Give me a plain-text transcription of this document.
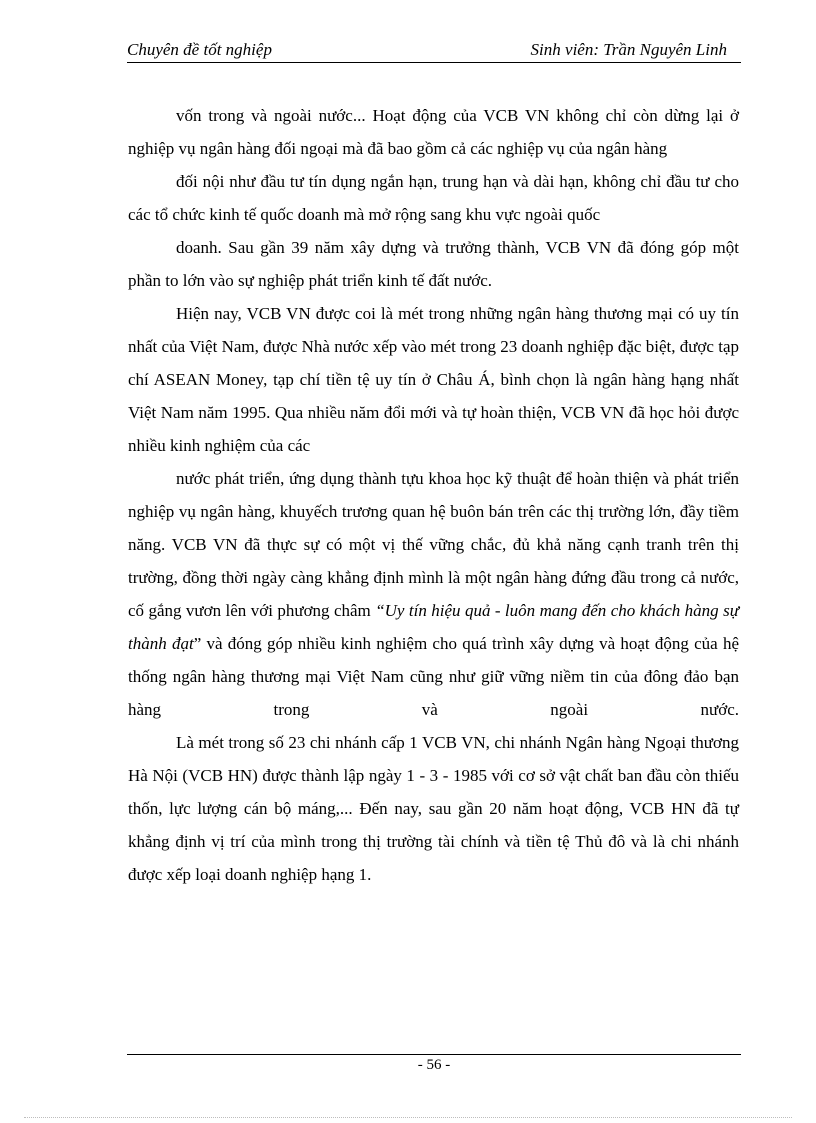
Chuyên đề tốt nghiệp	Sinh viên: Trần Nguyên Linh

vốn trong và ngoài nước... Hoạt động của VCB VN không chỉ còn dừng lại ở nghiệp vụ ngân hàng đối ngoại mà đã bao gồm cả các nghiệp vụ của ngân hàng

đối nội như đầu tư tín dụng ngắn hạn, trung hạn và dài hạn, không chỉ đầu tư cho các tổ chức kinh tế quốc doanh mà mở rộng sang khu vực ngoài quốc

doanh. Sau gần 39 năm xây dựng và trưởng thành, VCB VN đã đóng góp một phần to lớn vào sự nghiệp phát triển kinh tế đất nước.

Hiện nay, VCB VN được coi là mét trong những ngân hàng thương mại có uy tín nhất của Việt Nam, được Nhà nước xếp vào mét trong 23 doanh nghiệp đặc biệt, được tạp chí ASEAN Money, tạp chí tiền tệ uy tín ở Châu Á, bình chọn là ngân hàng hạng nhất Việt Nam năm 1995. Qua nhiều năm đổi mới và tự hoàn thiện, VCB VN đã học hỏi được nhiều kinh nghiệm của các

nước phát triển, ứng dụng thành tựu khoa học kỹ thuật để hoàn thiện và phát triển nghiệp vụ ngân hàng, khuyếch trương quan hệ buôn bán trên các thị trường lớn, đầy tiềm năng. VCB VN đã thực sự có một vị thế vững chắc, đủ khả năng cạnh tranh trên thị trường, đồng thời ngày càng khẳng định mình là một ngân hàng đứng đầu trong cả nước, cố gắng vươn lên với phương châm “Uy tín hiệu quả - luôn mang đến cho khách hàng sự thành đạt” và đóng góp nhiều kinh nghiệm cho quá trình xây dựng và hoạt động của hệ thống ngân hàng thương mại Việt Nam cũng như giữ vững niềm tin của đông đảo bạn hàng trong và ngoài nước.

Là mét trong số 23 chi nhánh cấp 1 VCB VN, chi nhánh Ngân hàng Ngoại thương Hà Nội (VCB HN) được thành lập ngày 1 - 3 - 1985 với cơ sở vật chất ban đầu còn thiếu thốn, lực lượng cán bộ máng,... Đến nay, sau gần 20 năm hoạt động, VCB HN đã tự khẳng định vị trí của mình trong thị trường tài chính và tiền tệ Thủ đô và là chi nhánh được xếp loại doanh nghiệp hạng 1.

- 56 -
